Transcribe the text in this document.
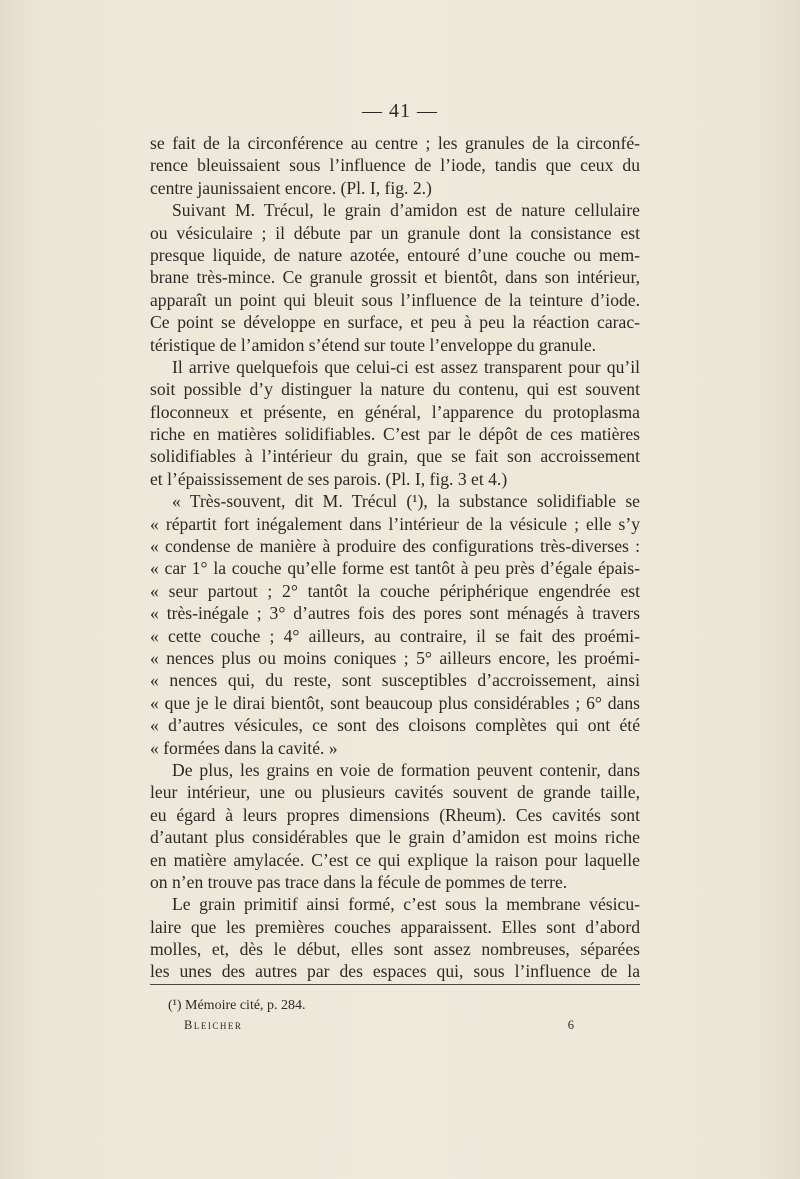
— 41 —
se fait de la circonférence au centre ; les granules de la circonfé-
rence bleuissaient sous l’influence de l’iode, tandis que ceux du
centre jaunissaient encore. (Pl. I, fig. 2.)
Suivant M. Trécul, le grain d’amidon est de nature cellulaire
ou vésiculaire ; il débute par un granule dont la consistance est
presque liquide, de nature azotée, entouré d’une couche ou mem-
brane très-mince. Ce granule grossit et bientôt, dans son intérieur,
apparaît un point qui bleuit sous l’influence de la teinture d’iode.
Ce point se développe en surface, et peu à peu la réaction carac-
téristique de l’amidon s’étend sur toute l’enveloppe du granule.
Il arrive quelquefois que celui-ci est assez transparent pour qu’il
soit possible d’y distinguer la nature du contenu, qui est souvent
floconneux et présente, en général, l’apparence du protoplasma
riche en matières solidifiables. C’est par le dépôt de ces matières
solidifiables à l’intérieur du grain, que se fait son accroissement
et l’épaississement de ses parois. (Pl. I, fig. 3 et 4.)
« Très-souvent, dit M. Trécul (¹), la substance solidifiable se
« répartit fort inégalement dans l’intérieur de la vésicule ; elle s’y
« condense de manière à produire des configurations très-diverses :
« car 1° la couche qu’elle forme est tantôt à peu près d’égale épais-
« seur partout ; 2° tantôt la couche périphérique engendrée est
« très-inégale ; 3° d’autres fois des pores sont ménagés à travers
« cette couche ; 4° ailleurs, au contraire, il se fait des proémi-
« nences plus ou moins coniques ; 5° ailleurs encore, les proémi-
« nences qui, du reste, sont susceptibles d’accroissement, ainsi
« que je le dirai bientôt, sont beaucoup plus considérables ; 6° dans
« d’autres vésicules, ce sont des cloisons complètes qui ont été
« formées dans la cavité. »
De plus, les grains en voie de formation peuvent contenir, dans
leur intérieur, une ou plusieurs cavités souvent de grande taille,
eu égard à leurs propres dimensions (Rheum). Ces cavités sont
d’autant plus considérables que le grain d’amidon est moins riche
en matière amylacée. C’est ce qui explique la raison pour laquelle
on n’en trouve pas trace dans la fécule de pommes de terre.
Le grain primitif ainsi formé, c’est sous la membrane vésicu-
laire que les premières couches apparaissent. Elles sont d’abord
molles, et, dès le début, elles sont assez nombreuses, séparées
les unes des autres par des espaces qui, sous l’influence de la
(¹) Mémoire cité, p. 284.
Bleicher	6
